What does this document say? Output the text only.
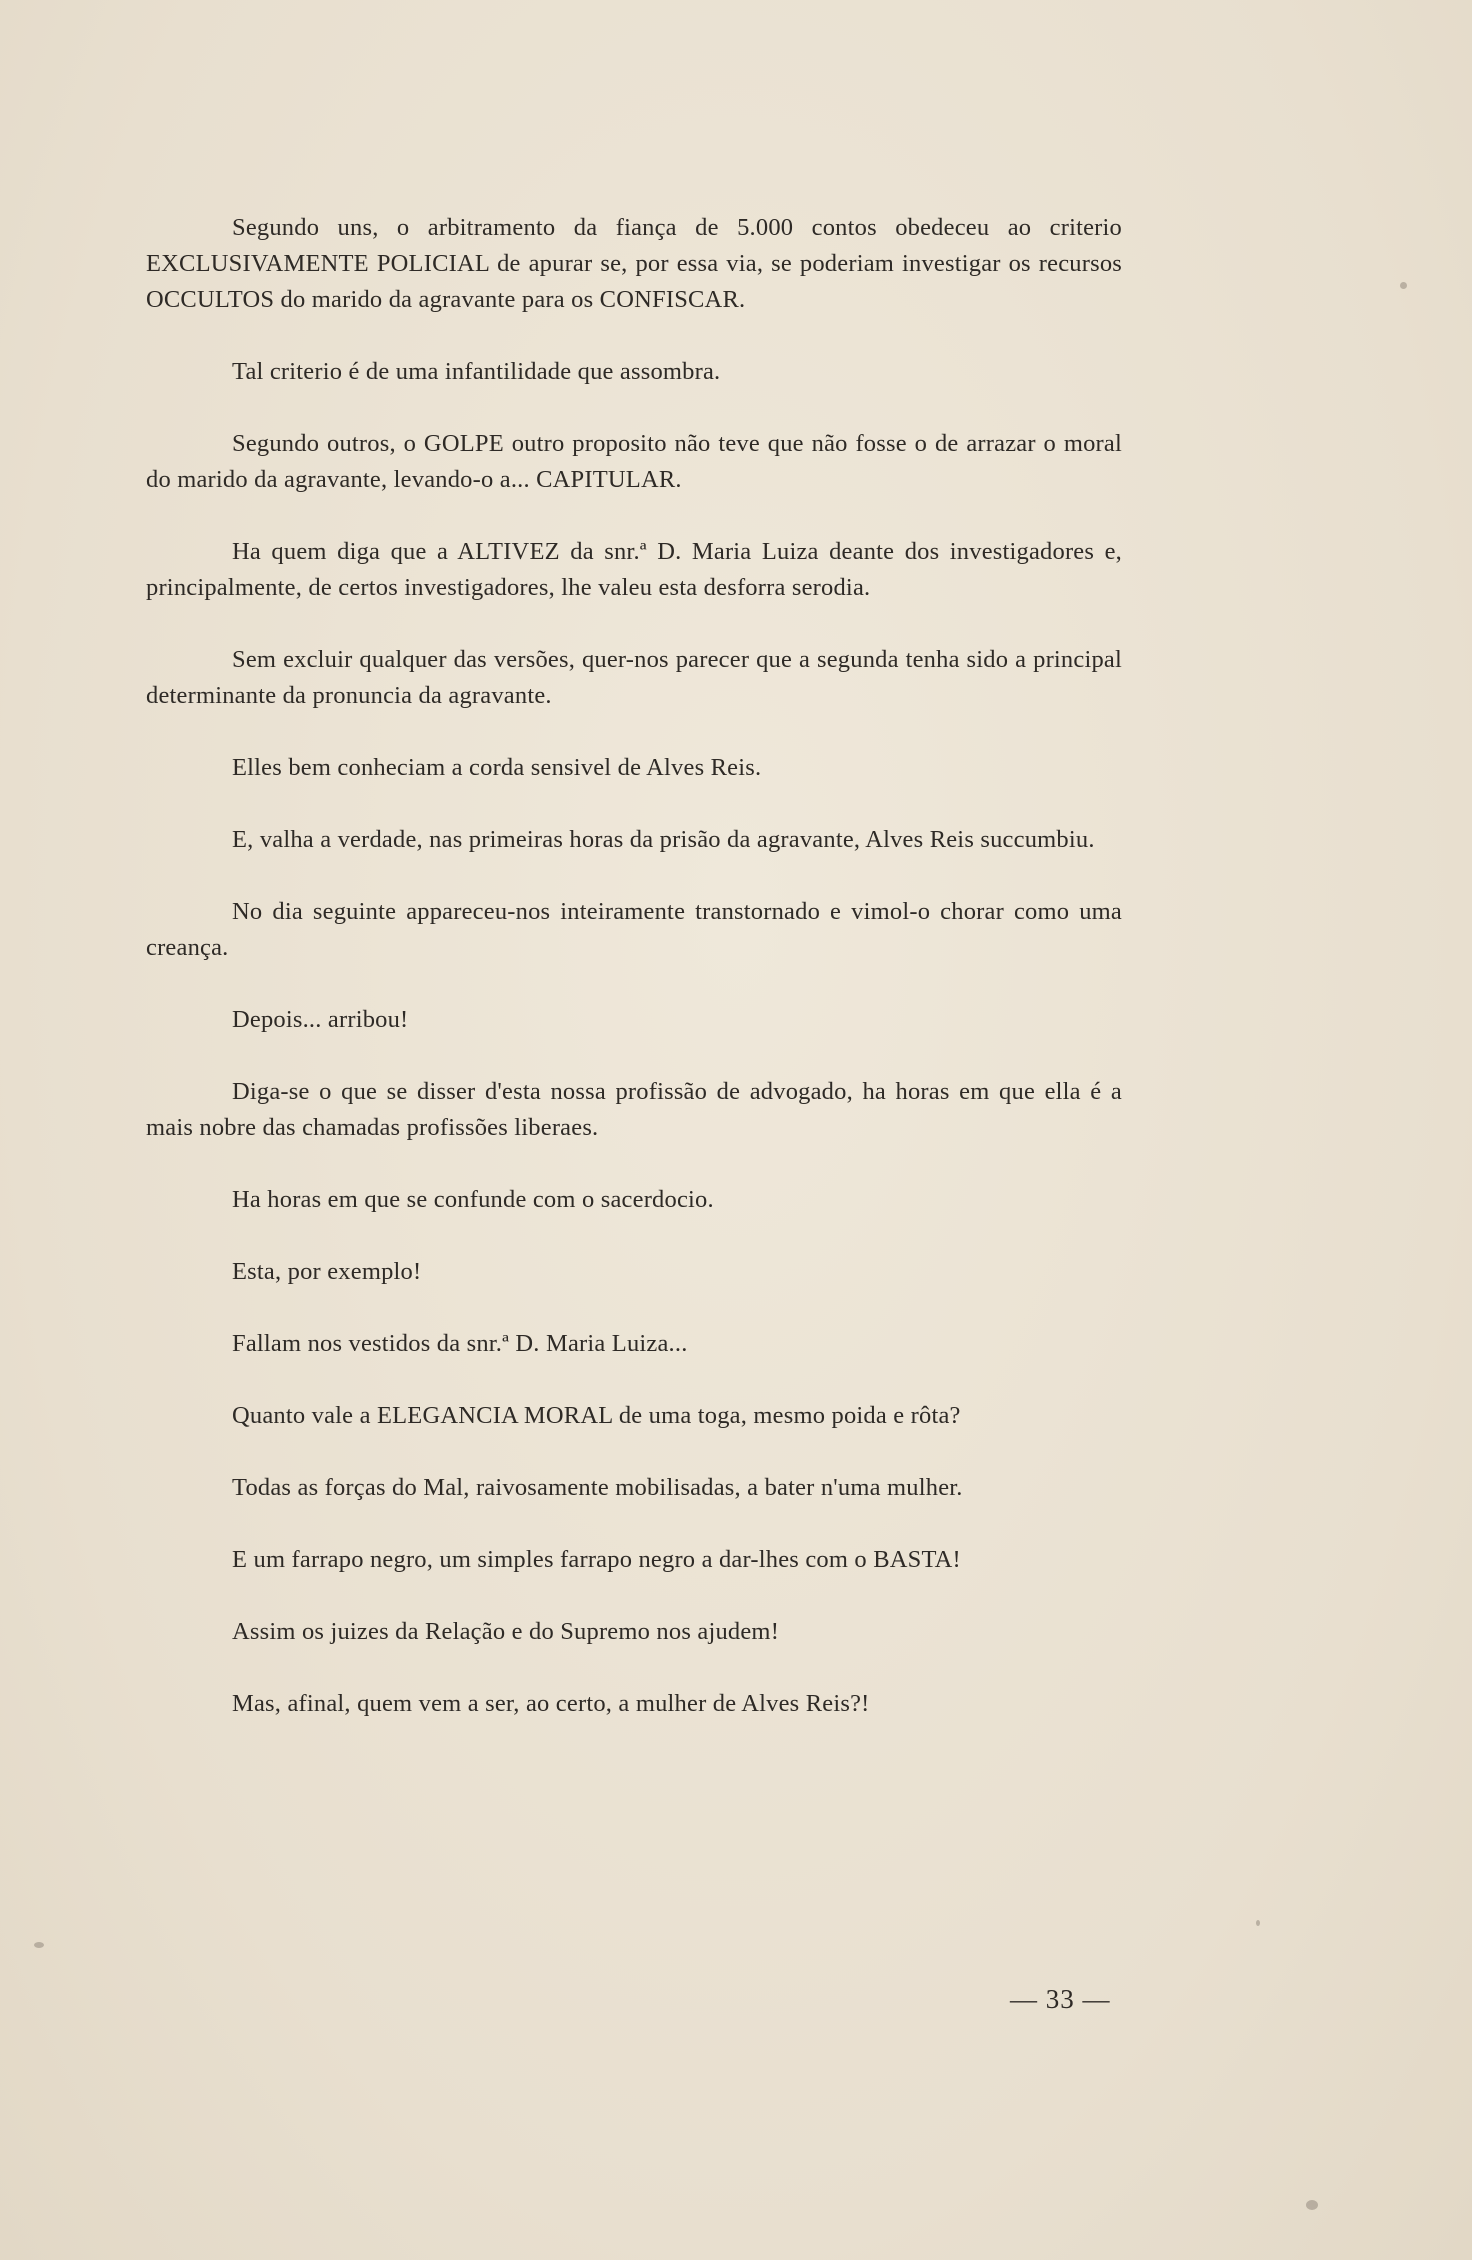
Segundo uns, o arbitramento da fiança de 5.000 contos obedeceu ao criterio EXCLUSIVAMENTE POLICIAL de apurar se, por essa via, se poderiam investigar os recursos OCCULTOS do marido da agravante para os CONFISCAR.

Tal criterio é de uma infantilidade que assombra.

Segundo outros, o GOLPE outro proposito não teve que não fosse o de arrazar o moral do marido da agravante, levando-o a... CAPITULAR.

Ha quem diga que a ALTIVEZ da snr.ª D. Maria Luiza deante dos investigadores e, principalmente, de certos investigadores, lhe valeu esta desforra serodia.

Sem excluir qualquer das versões, quer-nos parecer que a segunda tenha sido a principal determinante da pronuncia da agravante.

Elles bem conheciam a corda sensivel de Alves Reis.

E, valha a verdade, nas primeiras horas da prisão da agravante, Alves Reis succumbiu.

No dia seguinte appareceu-nos inteiramente transtornado e vimol-o chorar como uma creança.

Depois... arribou!

Diga-se o que se disser d'esta nossa profissão de advogado, ha horas em que ella é a mais nobre das chamadas profissões liberaes.

Ha horas em que se confunde com o sacerdocio.

Esta, por exemplo!

Fallam nos vestidos da snr.ª D. Maria Luiza...

Quanto vale a ELEGANCIA MORAL de uma toga, mesmo poida e rôta?

Todas as forças do Mal, raivosamente mobilisadas, a bater n'uma mulher.

E um farrapo negro, um simples farrapo negro a dar-lhes com o BASTA!

Assim os juizes da Relação e do Supremo nos ajudem!

Mas, afinal, quem vem a ser, ao certo, a mulher de Alves Reis?!

— 33 —
